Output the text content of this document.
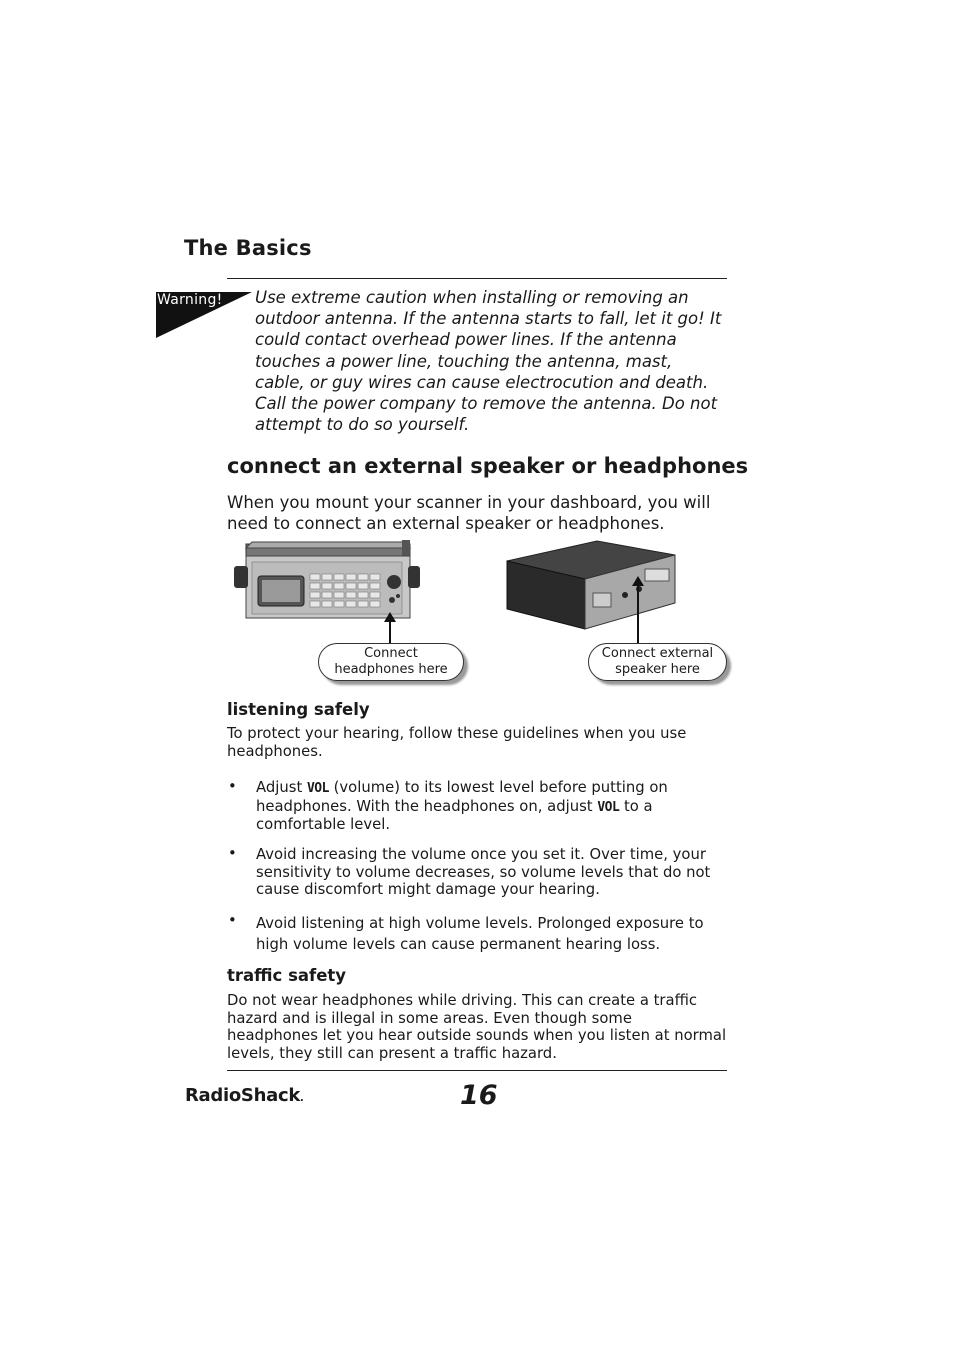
The Basics
Warning! Use extreme caution when installing or removing an outdoor antenna. If the antenna starts to fall, let it go! It could contact overhead power lines. If the antenna touches a power line, touching the antenna, mast, cable, or guy wires can cause electrocution and death. Call the power company to remove the antenna. Do not attempt to do so yourself.
connect an external speaker or headphones
When you mount your scanner in your dashboard, you will need to connect an external speaker or headphones.
Connect
headphones here
Connect external
speaker here
listening safely
To protect your hearing, follow these guidelines when you use headphones.
• Adjust VOL (volume) to its lowest level before putting on headphones. With the headphones on, adjust VOL to a comfortable level.
• Avoid increasing the volume once you set it. Over time, your sensitivity to volume decreases, so volume levels that do not cause discomfort might damage your hearing.
• Avoid listening at high volume levels. Prolonged exposure to high volume levels can cause permanent hearing loss.
traffic safety
Do not wear headphones while driving. This can create a traffic hazard and is illegal in some areas. Even though some headphones let you hear outside sounds when you listen at normal levels, they still can present a traffic hazard.
RadioShack.	16
